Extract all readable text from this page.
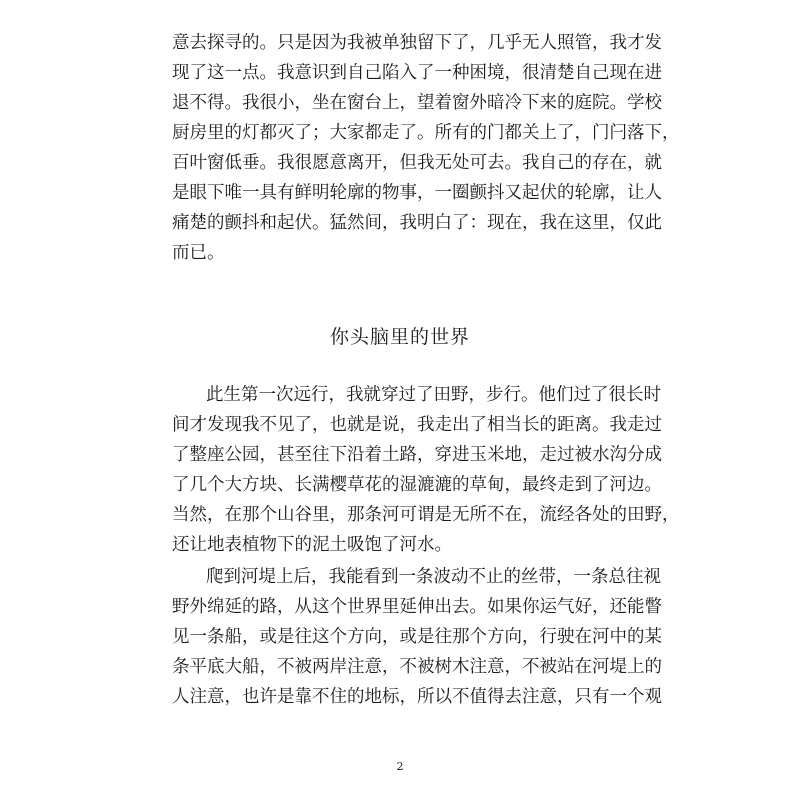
意去探寻的。只是因为我被单独留下了，几乎无人照管，我才发
现了这一点。我意识到自己陷入了一种困境，很清楚自己现在进
退不得。我很小，坐在窗台上，望着窗外暗冷下来的庭院。学校
厨房里的灯都灭了；大家都走了。所有的门都关上了，门闩落下，
百叶窗低垂。我很愿意离开，但我无处可去。我自己的存在，就
是眼下唯一具有鲜明轮廓的物事，一圈颤抖又起伏的轮廓，让人
痛楚的颤抖和起伏。猛然间，我明白了：现在，我在这里，仅此
而已。
你头脑里的世界
此生第一次远行，我就穿过了田野，步行。他们过了很长时
间才发现我不见了，也就是说，我走出了相当长的距离。我走过
了整座公园，甚至往下沿着土路，穿进玉米地，走过被水沟分成
了几个大方块、长满樱草花的湿漉漉的草甸，最终走到了河边。
当然，在那个山谷里，那条河可谓是无所不在，流经各处的田野，
还让地表植物下的泥土吸饱了河水。
爬到河堤上后，我能看到一条波动不止的丝带，一条总往视
野外绵延的路，从这个世界里延伸出去。如果你运气好，还能瞥
见一条船，或是往这个方向，或是往那个方向，行驶在河中的某
条平底大船，不被两岸注意，不被树木注意，不被站在河堤上的
人注意，也许是靠不住的地标，所以不值得去注意，只有一个观
2
